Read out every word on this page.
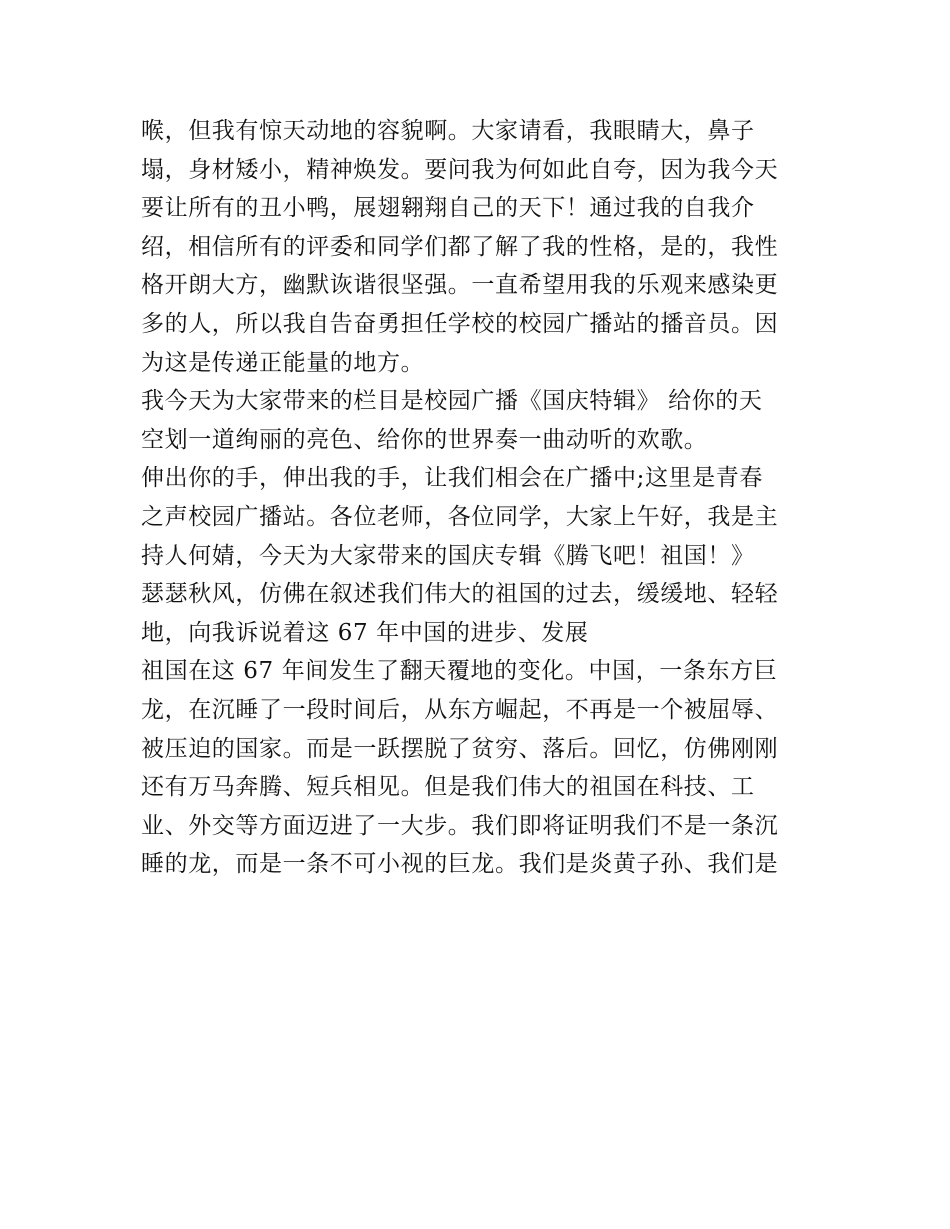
喉，但我有惊天动地的容貌啊。大家请看，我眼睛大，鼻子
塌，身材矮小，精神焕发。要问我为何如此自夸，因为我今天
要让所有的丑小鸭，展翅翱翔自己的天下！通过我的自我介
绍，相信所有的评委和同学们都了解了我的性格，是的，我性
格开朗大方，幽默诙谐很坚强。一直希望用我的乐观来感染更
多的人，所以我自告奋勇担任学校的校园广播站的播音员。因
为这是传递正能量的地方。
我今天为大家带来的栏目是校园广播《国庆特辑》 给你的天
空划一道绚丽的亮色、给你的世界奏一曲动听的欢歌。
伸出你的手，伸出我的手，让我们相会在广播中;这里是青春
之声校园广播站。各位老师，各位同学，大家上午好，我是主
持人何婧，今天为大家带来的国庆专辑《腾飞吧！祖国！》
瑟瑟秋风，仿佛在叙述我们伟大的祖国的过去，缓缓地、轻轻
地，向我诉说着这 67 年中国的进步、发展
祖国在这 67 年间发生了翻天覆地的变化。中国，一条东方巨
龙，在沉睡了一段时间后，从东方崛起，不再是一个被屈辱、
被压迫的国家。而是一跃摆脱了贫穷、落后。回忆，仿佛刚刚
还有万马奔腾、短兵相见。但是我们伟大的祖国在科技、工
业、外交等方面迈进了一大步。我们即将证明我们不是一条沉
睡的龙，而是一条不可小视的巨龙。我们是炎黄子孙、我们是
